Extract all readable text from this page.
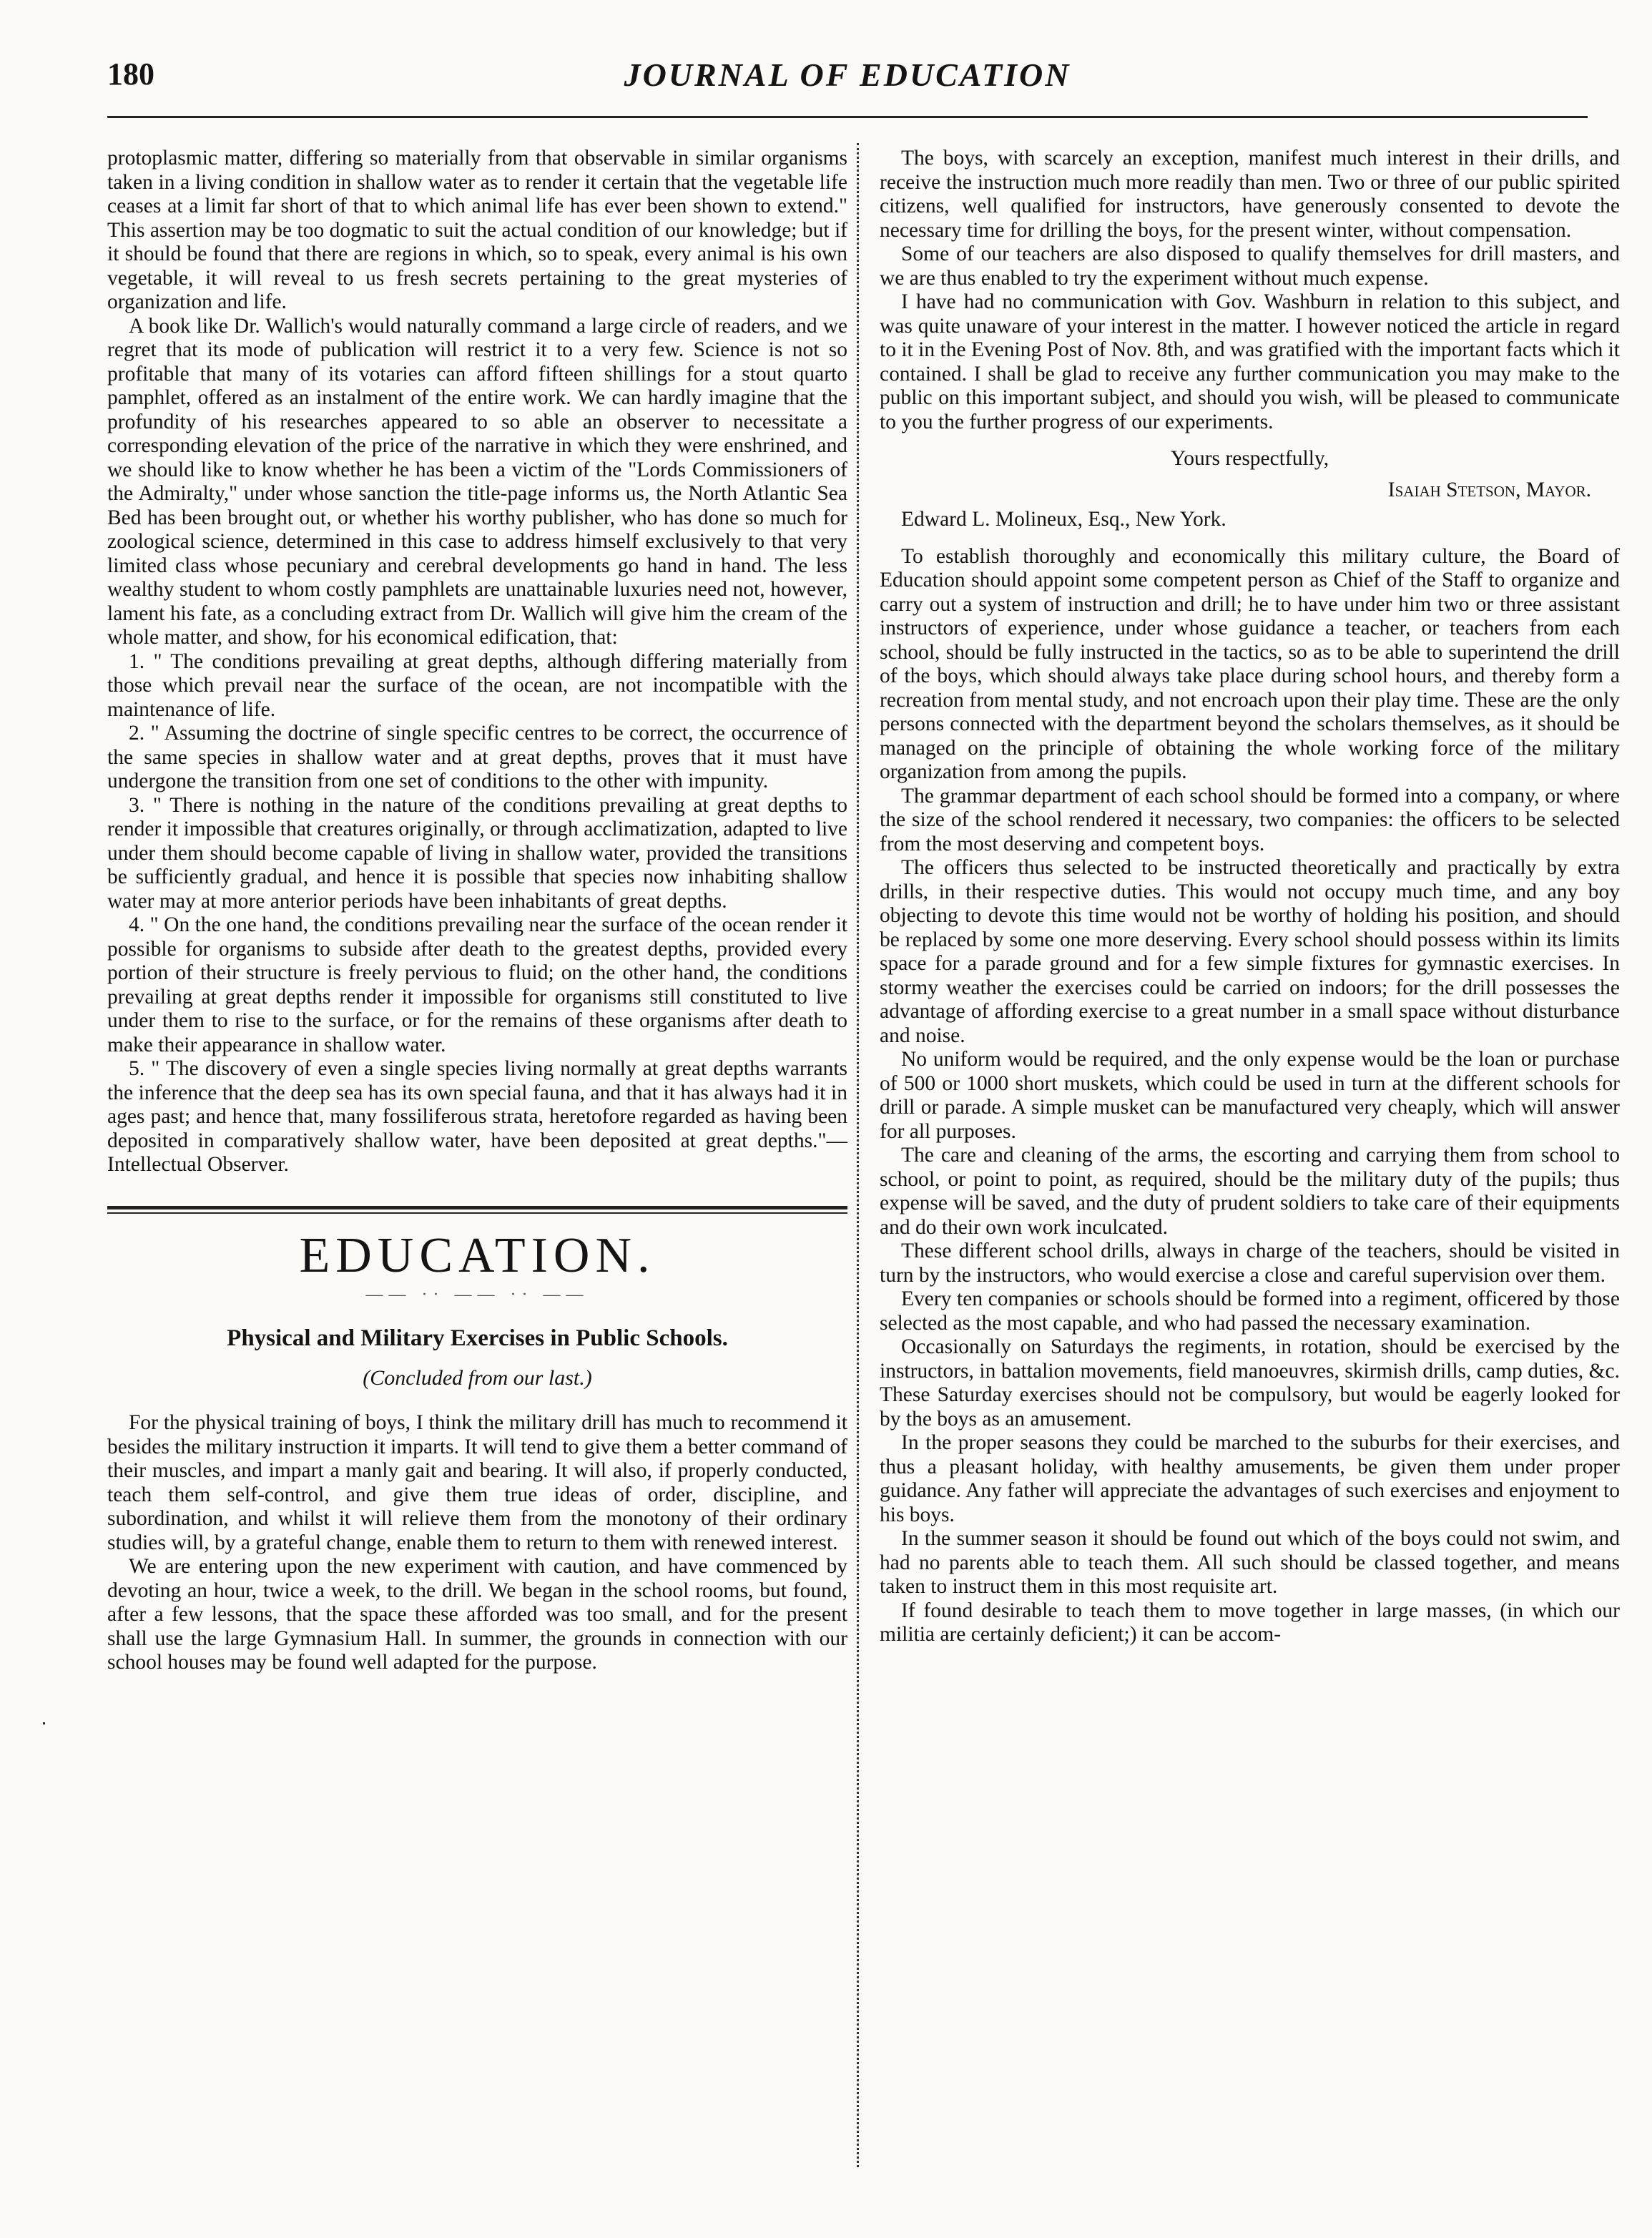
180	JOURNAL OF EDUCATION

protoplasmic matter, differing so materially from that observable in similar organisms taken in a living condition in shallow water as to render it certain that the vegetable life ceases at a limit far short of that to which animal life has ever been shown to extend." This assertion may be too dogmatic to suit the actual condition of our knowledge; but if it should be found that there are regions in which, so to speak, every animal is his own vegetable, it will reveal to us fresh secrets pertaining to the great mysteries of organization and life.

A book like Dr. Wallich's would naturally command a large circle of readers, and we regret that its mode of publication will restrict it to a very few. Science is not so profitable that many of its votaries can afford fifteen shillings for a stout quarto pamphlet, offered as an instalment of the entire work. We can hardly imagine that the profundity of his researches appeared to so able an observer to necessitate a corresponding elevation of the price of the narrative in which they were enshrined, and we should like to know whether he has been a victim of the "Lords Commissioners of the Admiralty," under whose sanction the title-page informs us, the North Atlantic Sea Bed has been brought out, or whether his worthy publisher, who has done so much for zoological science, determined in this case to address himself exclusively to that very limited class whose pecuniary and cerebral developments go hand in hand. The less wealthy student to whom costly pamphlets are unattainable luxuries need not, however, lament his fate, as a concluding extract from Dr. Wallich will give him the cream of the whole matter, and show, for his economical edification, that:

1. " The conditions prevailing at great depths, although differing materially from those which prevail near the surface of the ocean, are not incompatible with the maintenance of life.

2. " Assuming the doctrine of single specific centres to be correct, the occurrence of the same species in shallow water and at great depths, proves that it must have undergone the transition from one set of conditions to the other with impunity.

3. " There is nothing in the nature of the conditions prevailing at great depths to render it impossible that creatures originally, or through acclimatization, adapted to live under them should become capable of living in shallow water, provided the transitions be sufficiently gradual, and hence it is possible that species now inhabiting shallow water may at more anterior periods have been inhabitants of great depths.

4. " On the one hand, the conditions prevailing near the surface of the ocean render it possible for organisms to subside after death to the greatest depths, provided every portion of their structure is freely pervious to fluid; on the other hand, the conditions prevailing at great depths render it impossible for organisms still constituted to live under them to rise to the surface, or for the remains of these organisms after death to make their appearance in shallow water.

5. " The discovery of even a single species living normally at great depths warrants the inference that the deep sea has its own special fauna, and that it has always had it in ages past; and hence that, many fossiliferous strata, heretofore regarded as having been deposited in comparatively shallow water, have been deposited at great depths."—Intellectual Observer.

EDUCATION.
—— ·· —— ·· ——
Physical and Military Exercises in Public Schools.
(Concluded from our last.)

For the physical training of boys, I think the military drill has much to recommend it besides the military instruction it imparts. It will tend to give them a better command of their muscles, and impart a manly gait and bearing. It will also, if properly conducted, teach them self-control, and give them true ideas of order, discipline, and subordination, and whilst it will relieve them from the monotony of their ordinary studies will, by a grateful change, enable them to return to them with renewed interest.

We are entering upon the new experiment with caution, and have commenced by devoting an hour, twice a week, to the drill. We began in the school rooms, but found, after a few lessons, that the space these afforded was too small, and for the present shall use the large Gymnasium Hall. In summer, the grounds in connection with our school houses may be found well adapted for the purpose.

The boys, with scarcely an exception, manifest much interest in their drills, and receive the instruction much more readily than men. Two or three of our public spirited citizens, well qualified for instructors, have generously consented to devote the necessary time for drilling the boys, for the present winter, without compensation.

Some of our teachers are also disposed to qualify themselves for drill masters, and we are thus enabled to try the experiment without much expense.

I have had no communication with Gov. Washburn in relation to this subject, and was quite unaware of your interest in the matter. I however noticed the article in regard to it in the Evening Post of Nov. 8th, and was gratified with the important facts which it contained. I shall be glad to receive any further communication you may make to the public on this important subject, and should you wish, will be pleased to communicate to you the further progress of our experiments.

Yours respectfully,
Isaiah Stetson, Mayor.
Edward L. Molineux, Esq., New York.

To establish thoroughly and economically this military culture, the Board of Education should appoint some competent person as Chief of the Staff to organize and carry out a system of instruction and drill; he to have under him two or three assistant instructors of experience, under whose guidance a teacher, or teachers from each school, should be fully instructed in the tactics, so as to be able to superintend the drill of the boys, which should always take place during school hours, and thereby form a recreation from mental study, and not encroach upon their play time. These are the only persons connected with the department beyond the scholars themselves, as it should be managed on the principle of obtaining the whole working force of the military organization from among the pupils.

The grammar department of each school should be formed into a company, or where the size of the school rendered it necessary, two companies: the officers to be selected from the most deserving and competent boys.

The officers thus selected to be instructed theoretically and practically by extra drills, in their respective duties. This would not occupy much time, and any boy objecting to devote this time would not be worthy of holding his position, and should be replaced by some one more deserving. Every school should possess within its limits space for a parade ground and for a few simple fixtures for gymnastic exercises. In stormy weather the exercises could be carried on indoors; for the drill possesses the advantage of affording exercise to a great number in a small space without disturbance and noise.

No uniform would be required, and the only expense would be the loan or purchase of 500 or 1000 short muskets, which could be used in turn at the different schools for drill or parade. A simple musket can be manufactured very cheaply, which will answer for all purposes.

The care and cleaning of the arms, the escorting and carrying them from school to school, or point to point, as required, should be the military duty of the pupils; thus expense will be saved, and the duty of prudent soldiers to take care of their equipments and do their own work inculcated.

These different school drills, always in charge of the teachers, should be visited in turn by the instructors, who would exercise a close and careful supervision over them.

Every ten companies or schools should be formed into a regiment, officered by those selected as the most capable, and who had passed the necessary examination.

Occasionally on Saturdays the regiments, in rotation, should be exercised by the instructors, in battalion movements, field manoeuvres, skirmish drills, camp duties, &c. These Saturday exercises should not be compulsory, but would be eagerly looked for by the boys as an amusement.

In the proper seasons they could be marched to the suburbs for their exercises, and thus a pleasant holiday, with healthy amusements, be given them under proper guidance. Any father will appreciate the advantages of such exercises and enjoyment to his boys.

In the summer season it should be found out which of the boys could not swim, and had no parents able to teach them. All such should be classed together, and means taken to instruct them in this most requisite art.

If found desirable to teach them to move together in large masses, (in which our militia are certainly deficient;) it can be accom-
